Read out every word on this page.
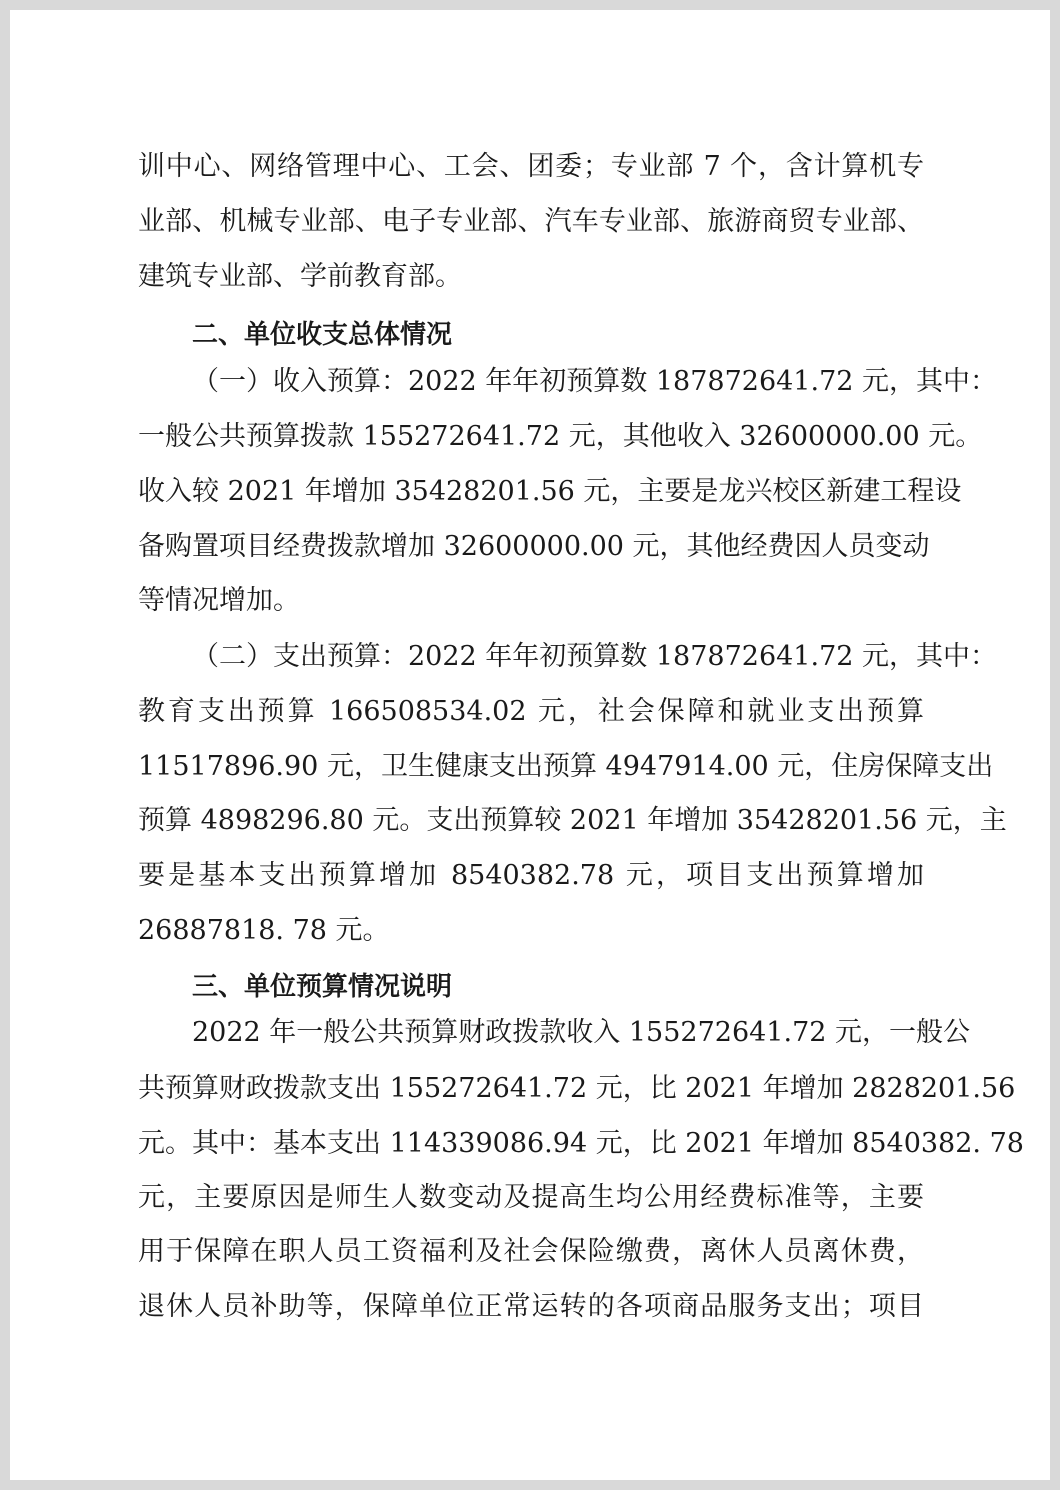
训中心、网络管理中心、工会、团委；专业部 7 个，含计算机专
业部、机械专业部、电子专业部、汽车专业部、旅游商贸专业部、
建筑专业部、学前教育部。
二、单位收支总体情况
（一）收入预算：2022 年年初预算数 187872641.72 元，其中：
一般公共预算拨款 155272641.72 元，其他收入 32600000.00 元。
收入较 2021 年增加 35428201.56 元，主要是龙兴校区新建工程设
备购置项目经费拨款增加 32600000.00 元，其他经费因人员变动
等情况增加。
（二）支出预算：2022 年年初预算数 187872641.72 元，其中：
教育支出预算 166508534.02 元，社会保障和就业支出预算
11517896.90 元，卫生健康支出预算 4947914.00 元，住房保障支出
预算 4898296.80 元。支出预算较 2021 年增加 35428201.56 元，主
要是基本支出预算增加 8540382.78 元，项目支出预算增加
26887818. 78 元。
三、单位预算情况说明
2022 年一般公共预算财政拨款收入 155272641.72 元，一般公
共预算财政拨款支出 155272641.72 元，比 2021 年增加 2828201.56
元。其中：基本支出 114339086.94 元，比 2021 年增加 8540382. 78
元，主要原因是师生人数变动及提高生均公用经费标准等，主要
用于保障在职人员工资福利及社会保险缴费，离休人员离休费，
退休人员补助等，保障单位正常运转的各项商品服务支出；项目
